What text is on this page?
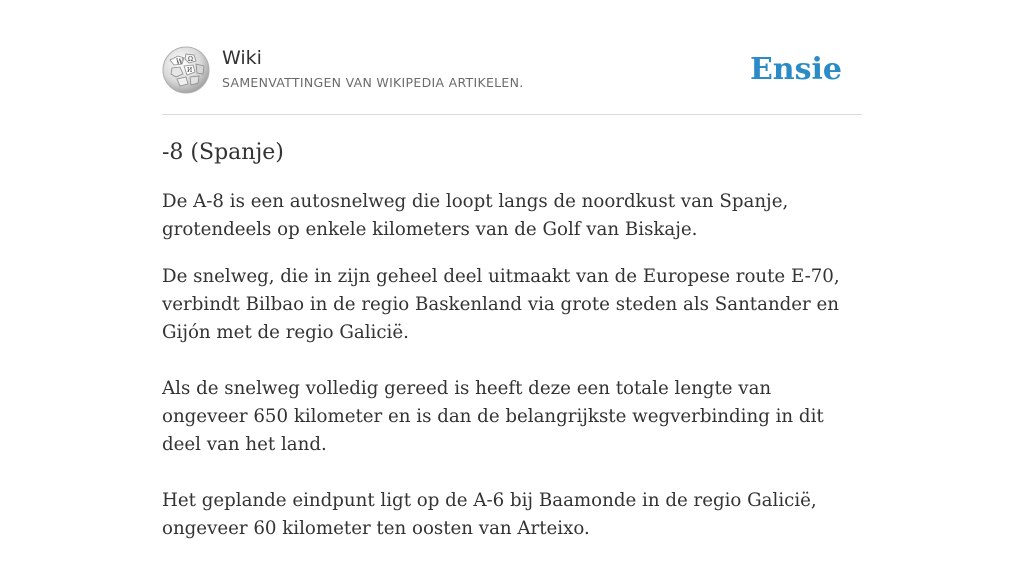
W Ω
И
Wiki
SAMENVATTINGEN VAN WIKIPEDIA ARTIKELEN.	Ensie
-8 (Spanje)

De A-8 is een autosnelweg die loopt langs de noordkust van Spanje, grotendeels op enkele kilometers van de Golf van Biskaje.

De snelweg, die in zijn geheel deel uitmaakt van de Europese route E-70, verbindt Bilbao in de regio Baskenland via grote steden als Santander en Gijón met de regio Galicië.

Als de snelweg volledig gereed is heeft deze een totale lengte van ongeveer 650 kilometer en is dan de belangrijkste wegverbinding in dit deel van het land.

Het geplande eindpunt ligt op de A-6 bij Baamonde in de regio Galicië, ongeveer 60 kilometer ten oosten van Arteixo.
